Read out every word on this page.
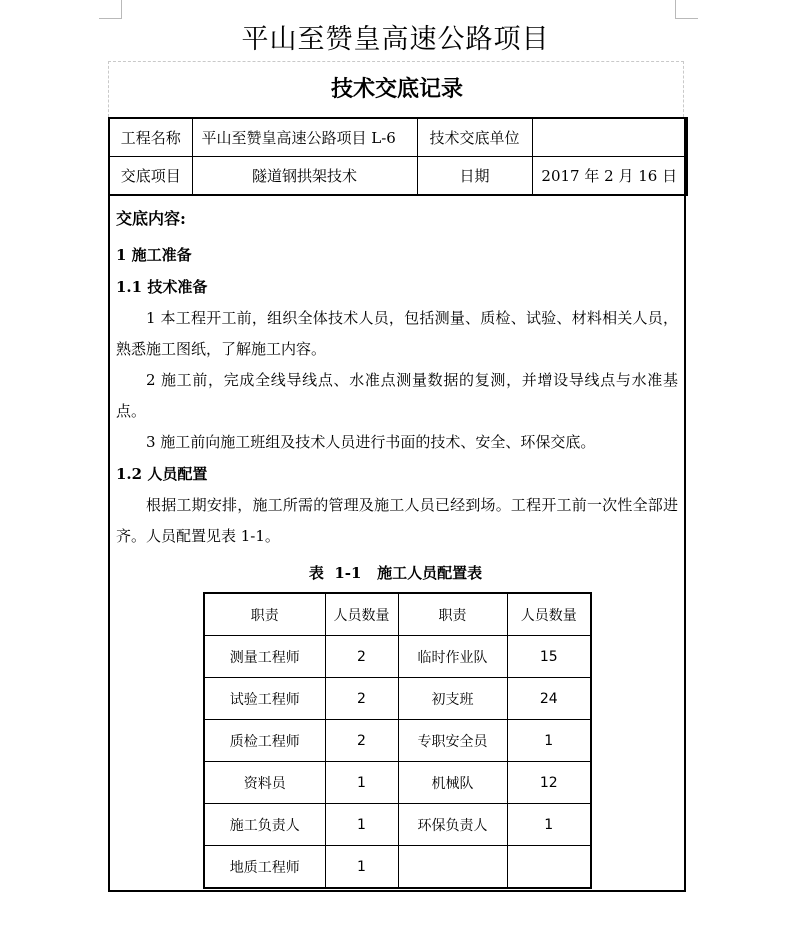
平山至赞皇高速公路项目
技术交底记录
工程名称	平山至赞皇高速公路项目 L-6	技术交底单位	
交底项目	隧道钢拱架技术	日期	2017 年 2 月 16 日

交底内容:

1 施工准备

1.1 技术准备

1 本工程开工前，组织全体技术人员，包括测量、质检、试验、材料相关人员，熟悉施工图纸，了解施工内容。

2 施工前，完成全线导线点、水准点测量数据的复测，并增设导线点与水准基点。

3 施工前向施工班组及技术人员进行书面的技术、安全、环保交底。

1.2 人员配置

根据工期安排，施工所需的管理及施工人员已经到场。工程开工前一次性全部进齐。人员配置见表 1-1。

表  1-1   施工人员配置表
职责	人员数量	职责	人员数量
测量工程师	2	临时作业队	15
试验工程师	2	初支班	24
质检工程师	2	专职安全员	1
资料员	1	机械队	12
施工负责人	1	环保负责人	1
地质工程师	1		
